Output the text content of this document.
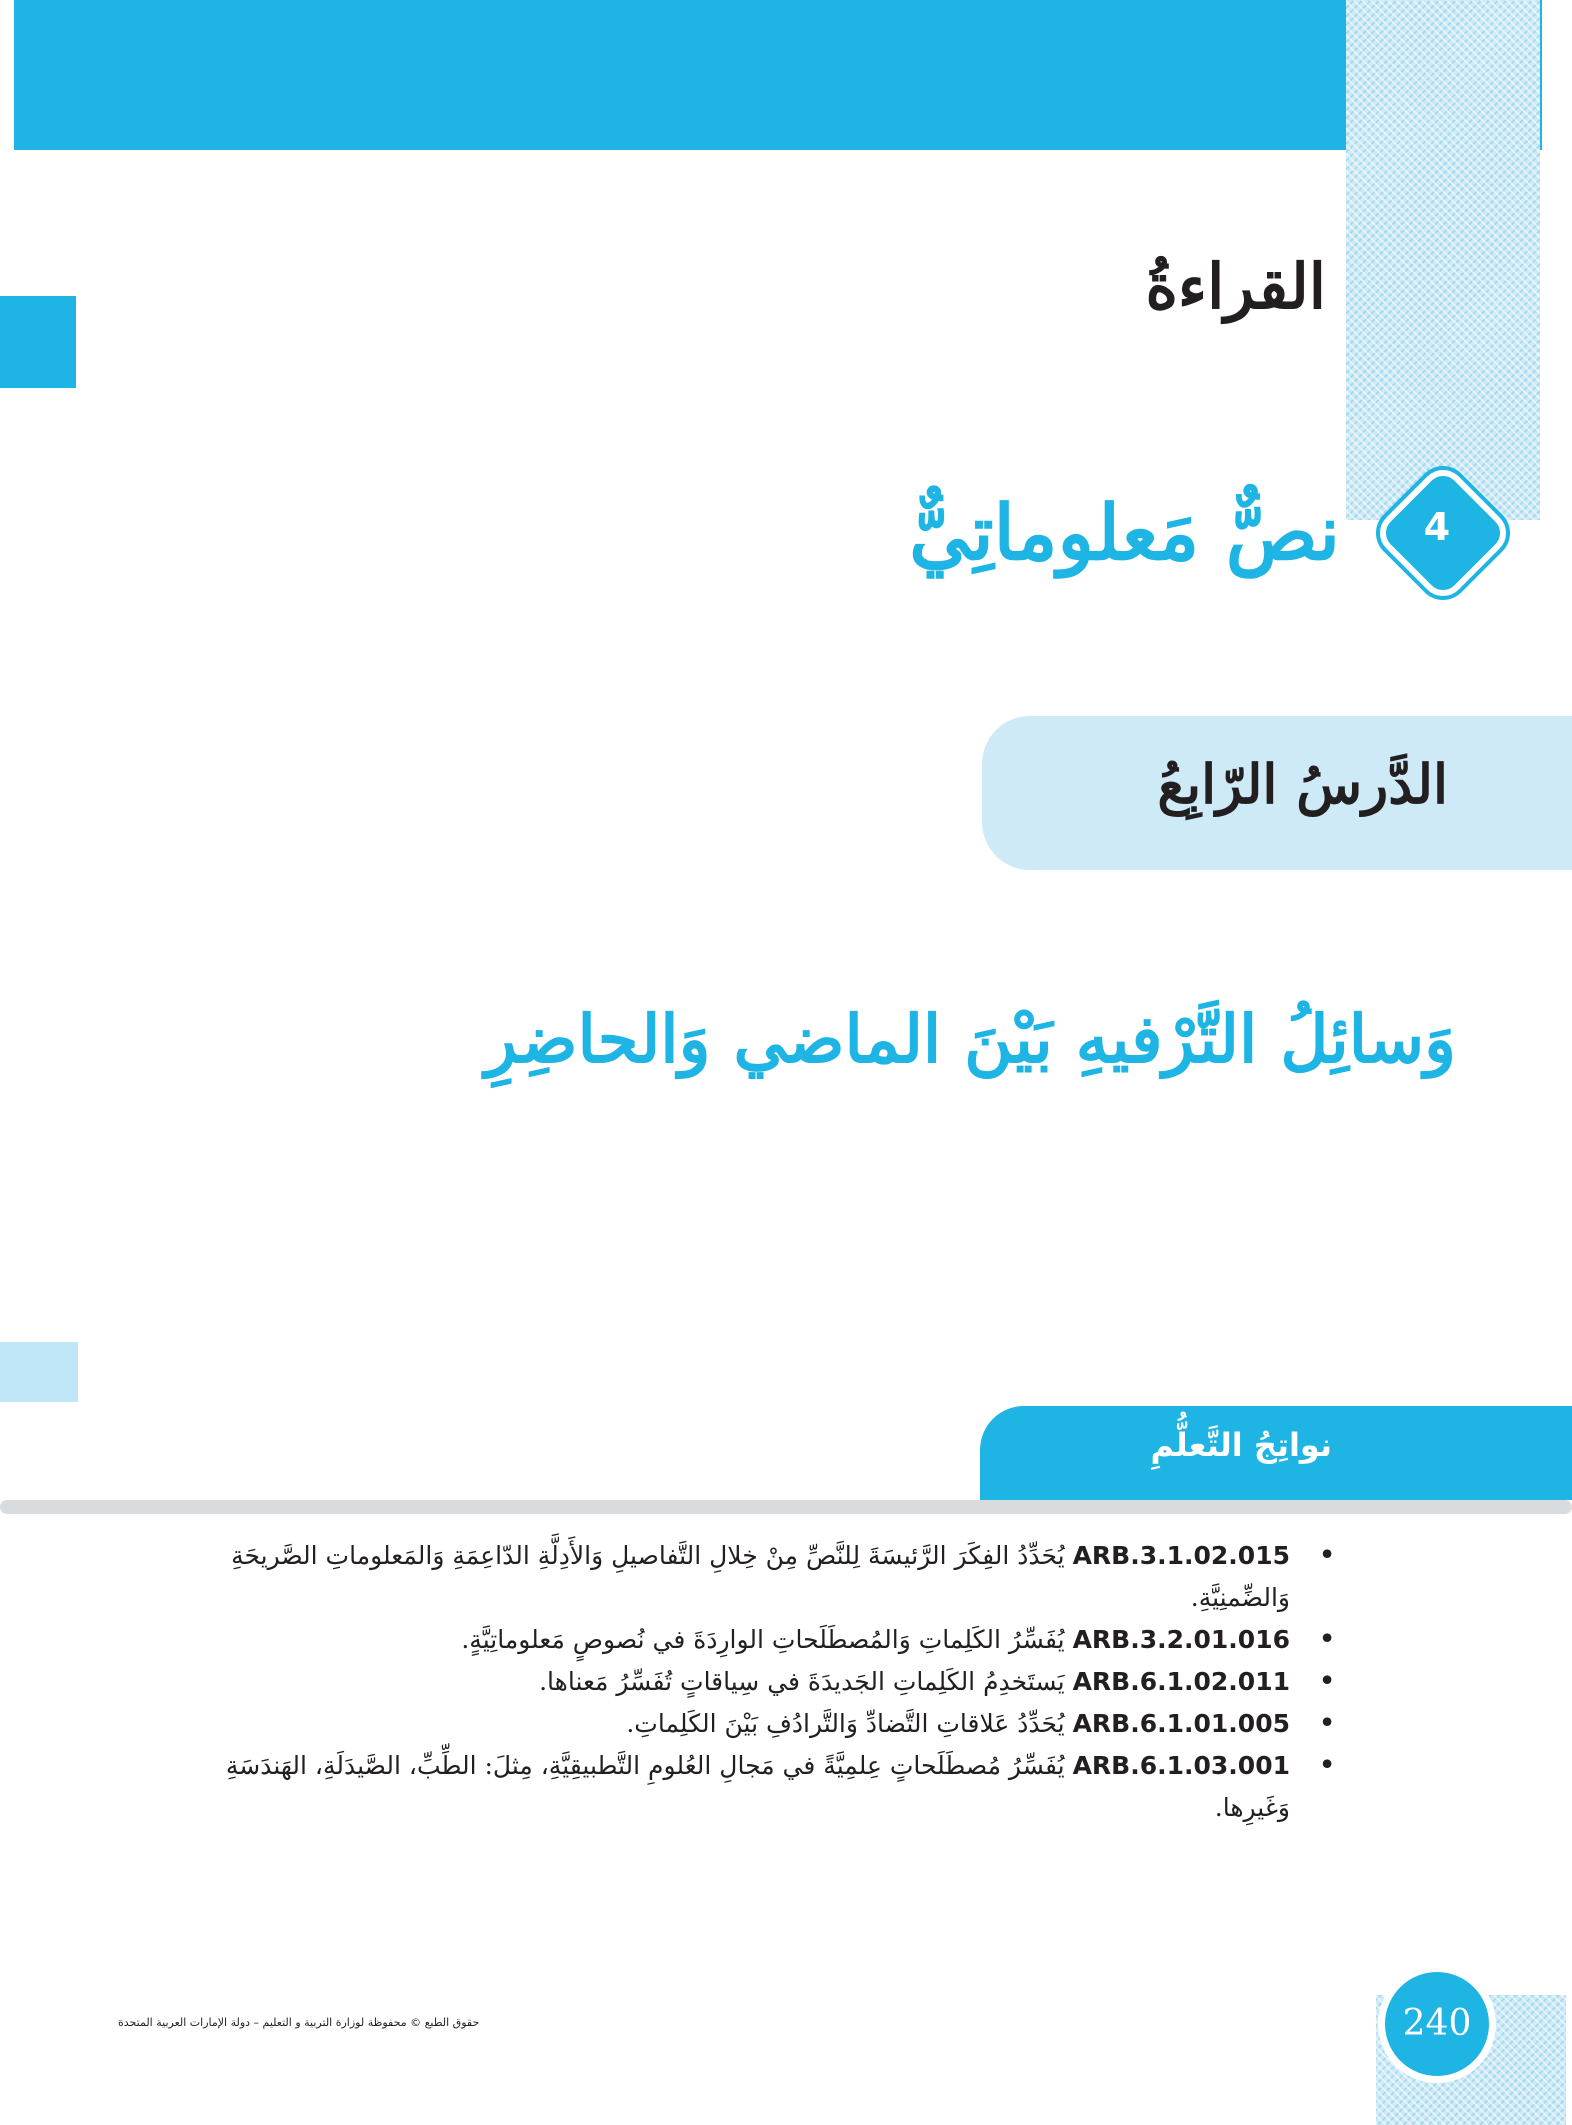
القراءةُ
4
نصٌّ مَعلوماتِيٌّ
الدَّرسُ الرّابِعُ
وَسائِلُ التَّرْفيهِ بَيْنَ الماضي وَالحاضِرِ
نواتِجُ التَّعلُّمِ
• ARB.3.1.02.015 يُحَدِّدُ الفِكَرَ الرَّئيسَةَ لِلنَّصِّ مِنْ خِلالِ التَّفاصيلِ وَالأَدِلَّةِ الدّاعِمَةِ وَالمَعلوماتِ الصَّريحَةِ وَالضِّمنِيَّةِ.
• ARB.3.2.01.016 يُفَسِّرُ الكَلِماتِ وَالمُصطَلَحاتِ الوارِدَةَ في نُصوصٍ مَعلوماتِيَّةٍ.
• ARB.6.1.02.011 يَستَخدِمُ الكَلِماتِ الجَديدَةَ في سِياقاتٍ تُفَسِّرُ مَعناها.
• ARB.6.1.01.005 يُحَدِّدُ عَلاقاتِ التَّضادِّ وَالتَّرادُفِ بَيْنَ الكَلِماتِ.
• ARB.6.1.03.001 يُفَسِّرُ مُصطَلَحاتٍ عِلمِيَّةً في مَجالِ العُلومِ التَّطبيقِيَّةِ، مِثلَ: الطِّبِّ، الصَّيدَلَةِ، الهَندَسَةِ وَغَيرِها.
240

حقوق الطبع © محفوظة لوزارة التربية و التعليم – دولة الإمارات العربية المتحدة
